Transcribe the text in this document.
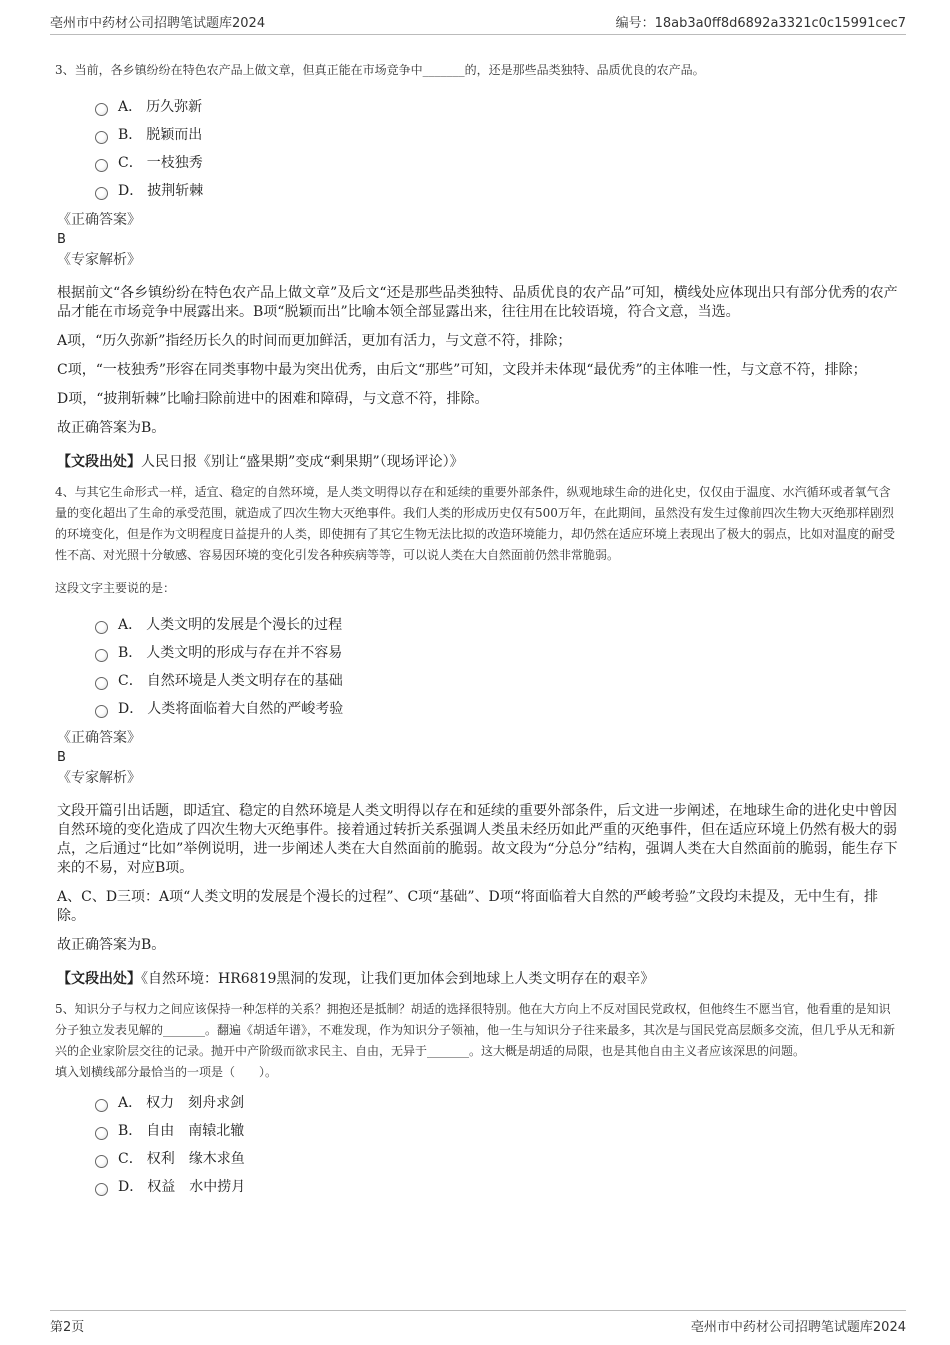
亳州市中药材公司招聘笔试题库2024	编号：18ab3a0ff8d6892a3321c0c15991cec7
3、当前，各乡镇纷纷在特色农产品上做文章，但真正能在市场竞争中_______的，还是那些品类独特、品质优良的农产品。
A． 历久弥新
B． 脱颖而出
C． 一枝独秀
D． 披荆斩棘
《正确答案》
B
《专家解析》
根据前文“各乡镇纷纷在特色农产品上做文章”及后文“还是那些品类独特、品质优良的农产品”可知，横线处应体现出只有部分优秀的农产品才能在市场竞争中展露出来。B项“脱颖而出”比喻本领全部显露出来，往往用在比较语境，符合文意，当选。
A项，“历久弥新”指经历长久的时间而更加鲜活，更加有活力，与文意不符，排除；
C项，“一枝独秀”形容在同类事物中最为突出优秀，由后文“那些”可知，文段并未体现“最优秀”的主体唯一性，与文意不符，排除；
D项，“披荆斩棘”比喻扫除前进中的困难和障碍，与文意不符，排除。
故正确答案为B。
【文段出处】人民日报《别让“盛果期”变成“剩果期”（现场评论）》
4、与其它生命形式一样，适宜、稳定的自然环境，是人类文明得以存在和延续的重要外部条件，纵观地球生命的进化史，仅仅由于温度、水汽循环或者氧气含量的变化超出了生命的承受范围，就造成了四次生物大灭绝事件。我们人类的形成历史仅有500万年，在此期间，虽然没有发生过像前四次生物大灭绝那样剧烈的环境变化，但是作为文明程度日益提升的人类，即使拥有了其它生物无法比拟的改造环境能力，却仍然在适应环境上表现出了极大的弱点，比如对温度的耐受性不高、对光照十分敏感、容易因环境的变化引发各种疾病等等，可以说人类在大自然面前仍然非常脆弱。
这段文字主要说的是：
A． 人类文明的发展是个漫长的过程
B． 人类文明的形成与存在并不容易
C． 自然环境是人类文明存在的基础
D． 人类将面临着大自然的严峻考验
《正确答案》
B
《专家解析》
文段开篇引出话题，即适宜、稳定的自然环境是人类文明得以存在和延续的重要外部条件，后文进一步阐述，在地球生命的进化史中曾因自然环境的变化造成了四次生物大灭绝事件。接着通过转折关系强调人类虽未经历如此严重的灭绝事件，但在适应环境上仍然有极大的弱点，之后通过“比如”举例说明，进一步阐述人类在大自然面前的脆弱。故文段为“分总分”结构，强调人类在大自然面前的脆弱，能生存下来的不易，对应B项。
A、C、D三项：A项“人类文明的发展是个漫长的过程”、C项“基础”、D项“将面临着大自然的严峻考验”文段均未提及，无中生有，排除。
故正确答案为B。
【文段出处】《自然环境：HR6819黑洞的发现，让我们更加体会到地球上人类文明存在的艰辛》
5、知识分子与权力之间应该保持一种怎样的关系？拥抱还是抵制？胡适的选择很特别。他在大方向上不反对国民党政权，但他终生不愿当官，他看重的是知识分子独立发表见解的_______。翻遍《胡适年谱》，不难发现，作为知识分子领袖，他一生与知识分子往来最多，其次是与国民党高层颇多交流，但几乎从无和新兴的企业家阶层交往的记录。抛开中产阶级而欲求民主、自由，无异于_______。这大概是胡适的局限，也是其他自由主义者应该深思的问题。
填入划横线部分最恰当的一项是（　　）。
A． 权力　刻舟求剑
B． 自由　南辕北辙
C． 权利　缘木求鱼
D． 权益　水中捞月
第2页	亳州市中药材公司招聘笔试题库2024
